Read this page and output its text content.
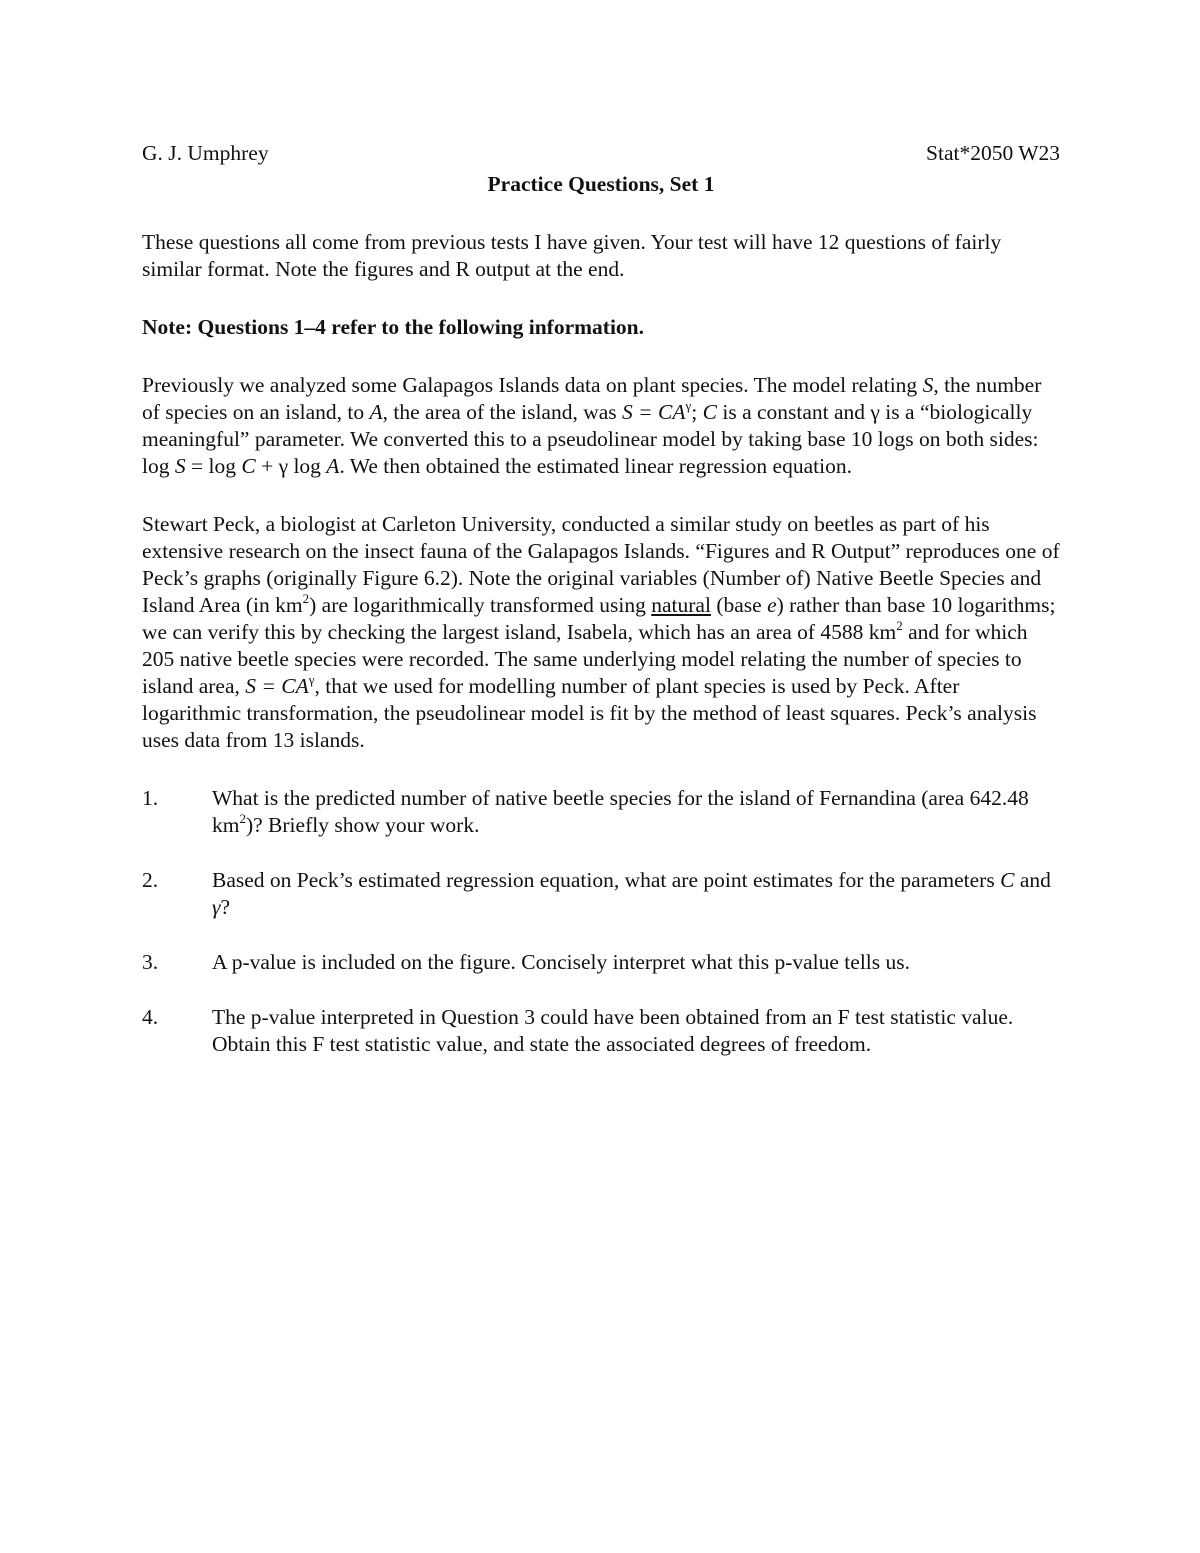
G. J. Umphrey	Stat*2050 W23
Practice Questions, Set 1

These questions all come from previous tests I have given. Your test will have 12 questions of fairly similar format. Note the figures and R output at the end.

Note: Questions 1–4 refer to the following information.

Previously we analyzed some Galapagos Islands data on plant species. The model relating S, the number of species on an island, to A, the area of the island, was $S = CA^\gamma$; C is a constant and γ is a “biologically meaningful” parameter. We converted this to a pseudolinear model by taking base 10 logs on both sides: log S = log C + γ log A. We then obtained the estimated linear regression equation.

Stewart Peck, a biologist at Carleton University, conducted a similar study on beetles as part of his extensive research on the insect fauna of the Galapagos Islands. “Figures and R Output” reproduces one of Peck’s graphs (originally Figure 6.2). Note the original variables (Number of) Native Beetle Species and Island Area (in $km^2$) are logarithmically transformed using natural (base e) rather than base 10 logarithms; we can verify this by checking the largest island, Isabela, which has an area of 4588 $km^2$ and for which 205 native beetle species were recorded. The same underlying model relating the number of species to island area, $S = CA^\gamma$, that we used for modelling number of plant species is used by Peck. After logarithmic transformation, the pseudolinear model is fit by the method of least squares. Peck’s analysis uses data from 13 islands.

1.	What is the predicted number of native beetle species for the island of Fernandina (area 642.48 $km^2$)? Briefly show your work.
2.	Based on Peck’s estimated regression equation, what are point estimates for the parameters C and γ?
3.	A p-value is included on the figure. Concisely interpret what this p-value tells us.
4.	The p-value interpreted in Question 3 could have been obtained from an F test statistic value. Obtain this F test statistic value, and state the associated degrees of freedom.
